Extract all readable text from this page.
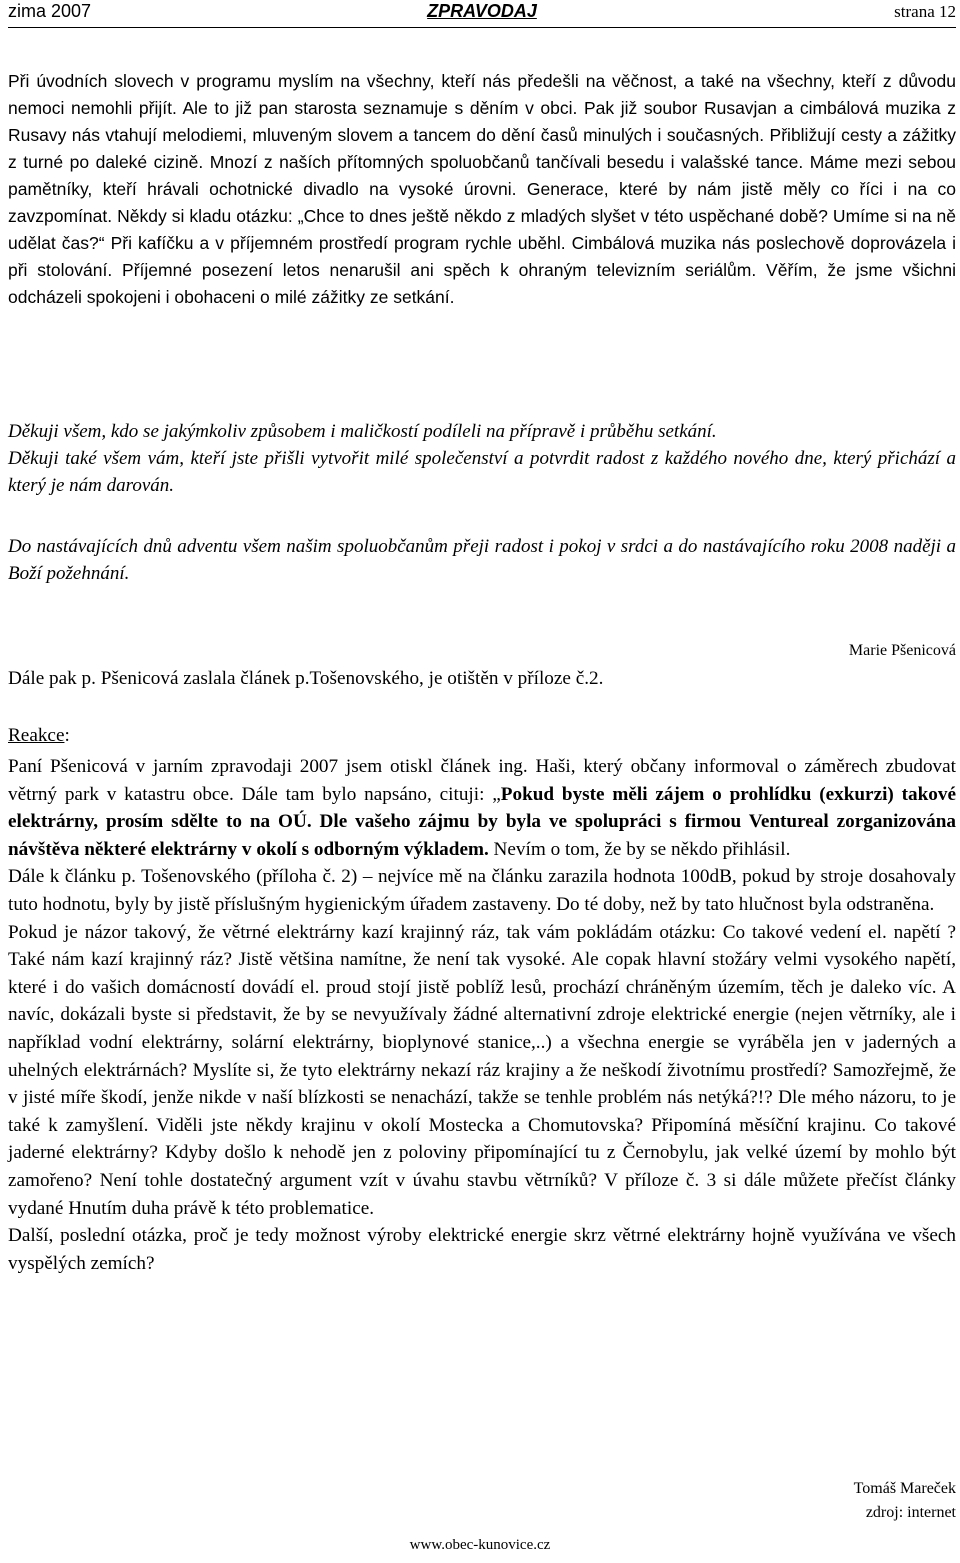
zima 2007	ZPRAVODAJ	strana 12

Při úvodních slovech v programu myslím na všechny, kteří nás předešli na věčnost, a také na všechny, kteří z důvodu nemoci nemohli přijít. Ale to již pan starosta seznamuje s děním v obci. Pak již soubor Rusavjan a cimbálová muzika z Rusavy nás vtahují melodiemi, mluveným slovem a tancem do dění časů minulých i současných. Přibližují cesty a zážitky z turné po daleké cizině. Mnozí z naších přítomných spoluobčanů tančívali besedu i valašské tance. Máme mezi sebou pamětníky, kteří hrávali ochotnické divadlo na vysoké úrovni. Generace, které by nám jistě měly co říci i na co zavzpomínat. Někdy si kladu otázku: „Chce to dnes ještě někdo z mladých slyšet v této uspěchané době? Umíme si na ně udělat čas?“ Při kafíčku a v příjemném prostředí program rychle uběhl. Cimbálová muzika nás poslechově doprovázela i při stolování. Příjemné posezení letos nenarušil ani spěch k ohraným televizním seriálům. Věřím, že jsme všichni odcházeli spokojeni i obohaceni o milé zážitky ze setkání.

Děkuji všem, kdo se jakýmkoliv způsobem i maličkostí podíleli na přípravě i průběhu setkání.

Děkuji také všem vám, kteří jste přišli vytvořit milé společenství a potvrdit radost z každého nového dne, který přichází a který je nám darován.

Do nastávajících dnů adventu všem našim spoluobčanům přeji radost i pokoj v srdci a do nastávajícího roku 2008 naději a Boží požehnání.

Marie Pšenicová

Dále pak p. Pšenicová zaslala článek p.Tošenovského, je otištěn v příloze č.2.

Reakce:

Paní Pšenicová v jarním zpravodaji 2007 jsem otiskl článek ing. Haši, který občany informoval o záměrech zbudovat větrný park v katastru obce. Dále tam bylo napsáno, cituji: „Pokud byste měli zájem o prohlídku (exkurzi) takové elektrárny, prosím sdělte to na OÚ. Dle vašeho zájmu by byla ve spolupráci s firmou Ventureal zorganizována návštěva některé elektrárny v okolí s odborným výkladem. Nevím o tom, že by se někdo přihlásil.

Dále k článku p. Tošenovského (příloha č. 2) – nejvíce mě na článku zarazila hodnota 100dB, pokud by stroje dosahovaly tuto hodnotu, byly by jistě příslušným hygienickým úřadem zastaveny. Do té doby, než by tato hlučnost byla odstraněna.

Pokud je názor takový, že větrné elektrárny kazí krajinný ráz, tak vám pokládám otázku: Co takové vedení el. napětí ? Také nám kazí krajinný ráz? Jistě většina namítne, že není tak vysoké. Ale copak hlavní stožáry velmi vysokého napětí, které i do vašich domácností dovádí el. proud stojí jistě poblíž lesů, prochází chráněným územím, těch je daleko víc. A navíc, dokázali byste si představit, že by se nevyužívaly žádné alternativní zdroje elektrické energie (nejen větrníky, ale i například vodní elektrárny, solární elektrárny, bioplynové stanice,..) a všechna energie se vyráběla jen v jaderných a uhelných elektrárnách? Myslíte si, že tyto elektrárny nekazí ráz krajiny a že neškodí životnímu prostředí? Samozřejmě, že v jisté míře škodí, jenže nikde v naší blízkosti se nenachází, takže se tenhle problém nás netýká?!? Dle mého názoru, to je také k zamyšlení. Viděli jste někdy krajinu v okolí Mostecka a Chomutovska? Připomíná měsíční krajinu. Co takové jaderné elektrárny? Kdyby došlo k nehodě jen z poloviny připomínající tu z Černobylu, jak velké území by mohlo být zamořeno? Není tohle dostatečný argument vzít v úvahu stavbu větrníků? V příloze č. 3 si dále můžete přečíst články vydané Hnutím duha právě k této problematice.

Další, poslední otázka, proč je tedy možnost výroby elektrické energie skrz větrné elektrárny hojně využívána ve všech vyspělých zemích?

Tomáš Mareček
zdroj: internet
www.obec-kunovice.cz
